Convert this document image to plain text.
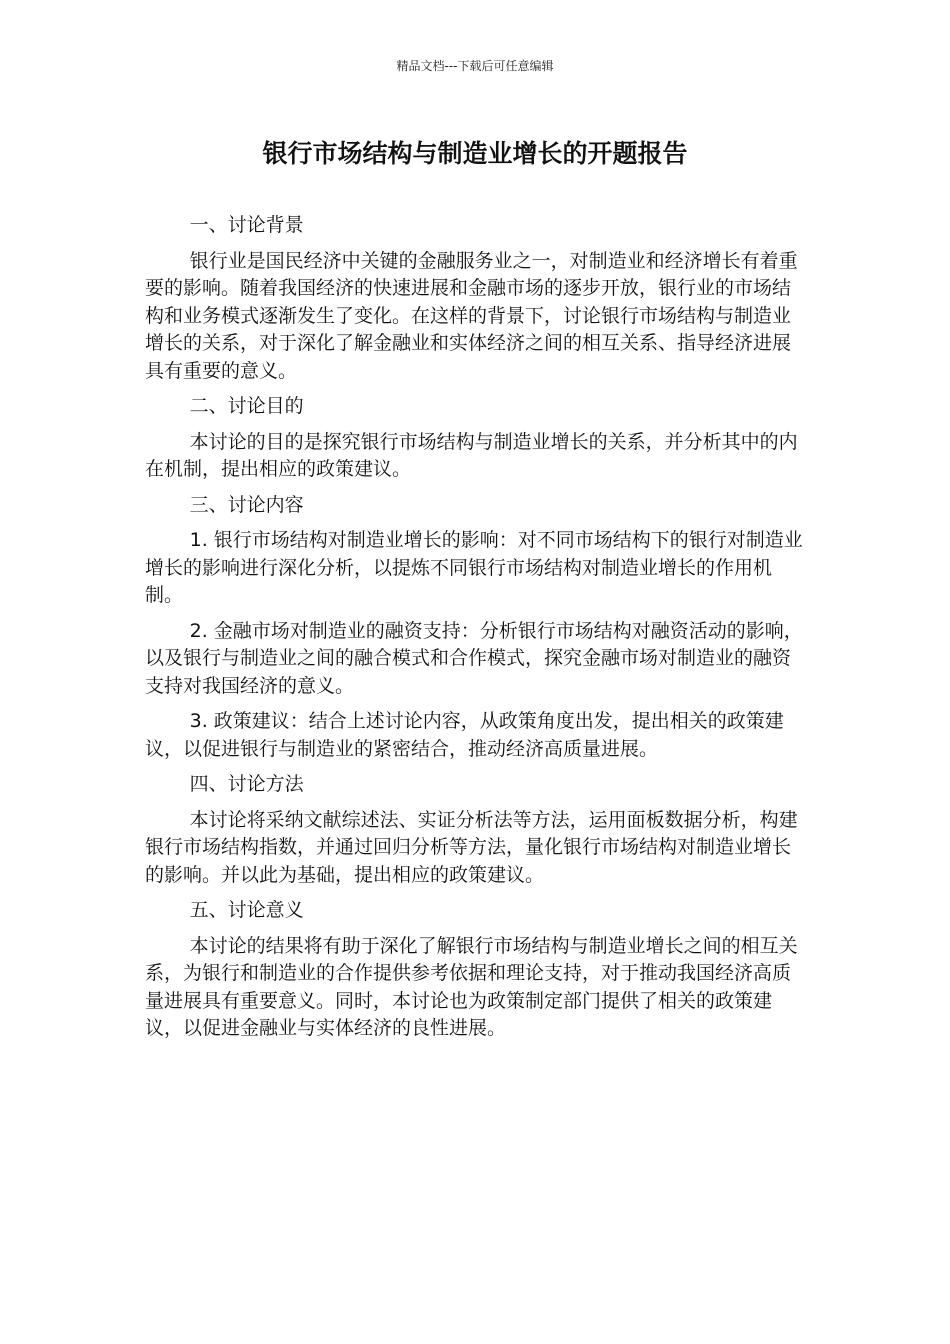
精品文档---下载后可任意编辑
银行市场结构与制造业增长的开题报告

一、讨论背景

银行业是国民经济中关键的金融服务业之一，对制造业和经济增长有着重要的影响。随着我国经济的快速进展和金融市场的逐步开放，银行业的市场结构和业务模式逐渐发生了变化。在这样的背景下，讨论银行市场结构与制造业增长的关系，对于深化了解金融业和实体经济之间的相互关系、指导经济进展具有重要的意义。

二、讨论目的

本讨论的目的是探究银行市场结构与制造业增长的关系，并分析其中的内在机制，提出相应的政策建议。

三、讨论内容

1. 银行市场结构对制造业增长的影响：对不同市场结构下的银行对制造业增长的影响进行深化分析，以提炼不同银行市场结构对制造业增长的作用机制。

2. 金融市场对制造业的融资支持：分析银行市场结构对融资活动的影响，以及银行与制造业之间的融合模式和合作模式，探究金融市场对制造业的融资支持对我国经济的意义。

3. 政策建议：结合上述讨论内容，从政策角度出发，提出相关的政策建议，以促进银行与制造业的紧密结合，推动经济高质量进展。

四、讨论方法

本讨论将采纳文献综述法、实证分析法等方法，运用面板数据分析，构建银行市场结构指数，并通过回归分析等方法，量化银行市场结构对制造业增长的影响。并以此为基础，提出相应的政策建议。

五、讨论意义

本讨论的结果将有助于深化了解银行市场结构与制造业增长之间的相互关系，为银行和制造业的合作提供参考依据和理论支持，对于推动我国经济高质量进展具有重要意义。同时，本讨论也为政策制定部门提供了相关的政策建议，以促进金融业与实体经济的良性进展。
